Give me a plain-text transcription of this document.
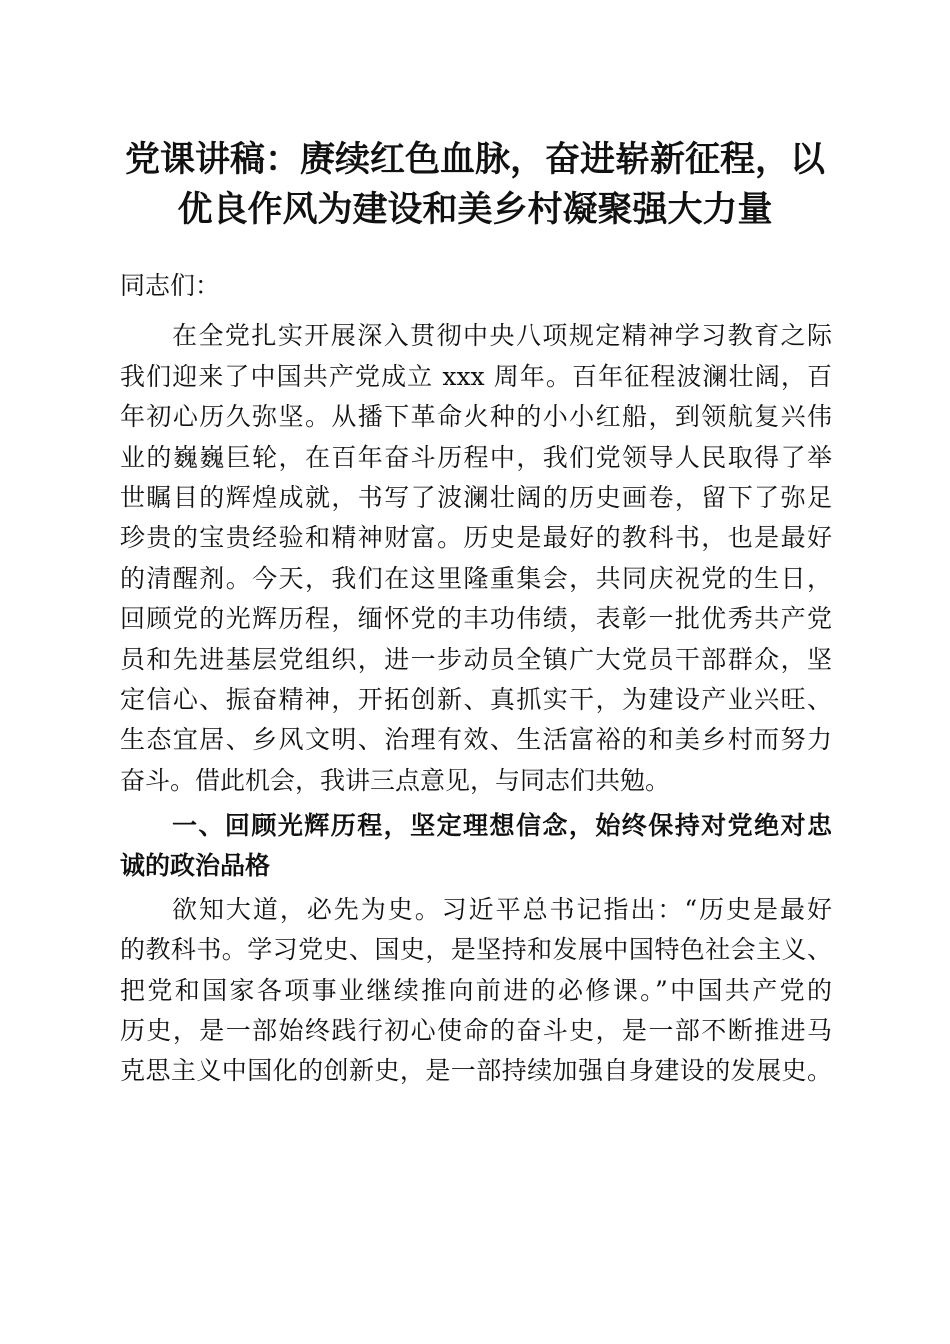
党课讲稿：赓续红色血脉，奋进崭新征程，以
优良作风为建设和美乡村凝聚强大力量
同志们：
在全党扎实开展深入贯彻中央八项规定精神学习教育之际
我们迎来了中国共产党成立 xxx 周年。百年征程波澜壮阔，百
年初心历久弥坚。从播下革命火种的小小红船，到领航复兴伟
业的巍巍巨轮，在百年奋斗历程中，我们党领导人民取得了举
世瞩目的辉煌成就，书写了波澜壮阔的历史画卷，留下了弥足
珍贵的宝贵经验和精神财富。历史是最好的教科书，也是最好
的清醒剂。今天，我们在这里隆重集会，共同庆祝党的生日，
回顾党的光辉历程，缅怀党的丰功伟绩，表彰一批优秀共产党
员和先进基层党组织，进一步动员全镇广大党员干部群众，坚
定信心、振奋精神，开拓创新、真抓实干，为建设产业兴旺、
生态宜居、乡风文明、治理有效、生活富裕的和美乡村而努力
奋斗。借此机会，我讲三点意见，与同志们共勉。
一、回顾光辉历程，坚定理想信念，始终保持对党绝对忠
诚的政治品格
欲知大道，必先为史。习近平总书记指出：“历史是最好
的教科书。学习党史、国史，是坚持和发展中国特色社会主义、
把党和国家各项事业继续推向前进的必修课。”中国共产党的
历史，是一部始终践行初心使命的奋斗史，是一部不断推进马
克思主义中国化的创新史，是一部持续加强自身建设的发展史。
